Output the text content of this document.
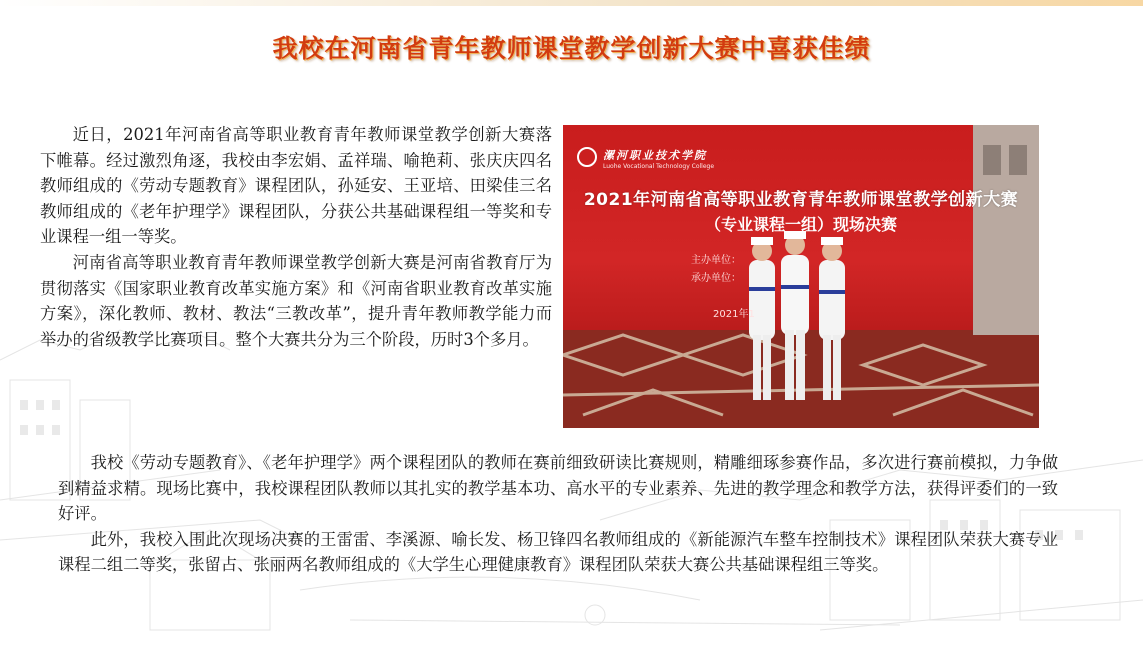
我校在河南省青年教师课堂教学创新大赛中喜获佳绩

近日，2021年河南省高等职业教育青年教师课堂教学创新大赛落下帷幕。经过激烈角逐，我校由李宏娟、孟祥瑞、喻艳莉、张庆庆四名教师组成的《劳动专题教育》课程团队，孙延安、王亚培、田梁佳三名教师组成的《老年护理学》课程团队，分获公共基础课程组一等奖和专业课程一组一等奖。

河南省高等职业教育青年教师课堂教学创新大赛是河南省教育厅为贯彻落实《国家职业教育改革实施方案》和《河南省职业教育改革实施方案》，深化教师、教材、教法“三教改革”，提升青年教师教学能力而举办的省级教学比赛项目。整个大赛共分为三个阶段，历时3个多月。

漯河职业技术学院
Luohe Vocational Technology College
2021年河南省高等职业教育青年教师课堂教学创新大赛
（专业课程一组）现场决赛
主办单位：
承办单位：
2021年1

我校《劳动专题教育》、《老年护理学》两个课程团队的教师在赛前细致研读比赛规则，精雕细琢参赛作品，多次进行赛前模拟，力争做到精益求精。现场比赛中，我校课程团队教师以其扎实的教学基本功、高水平的专业素养、先进的教学理念和教学方法，获得评委们的一致好评。

此外，我校入围此次现场决赛的王雷雷、李溪源、喻长发、杨卫锋四名教师组成的《新能源汽车整车控制技术》课程团队荣获大赛专业课程二组二等奖，张留占、张丽两名教师组成的《大学生心理健康教育》课程团队荣获大赛公共基础课程组三等奖。
